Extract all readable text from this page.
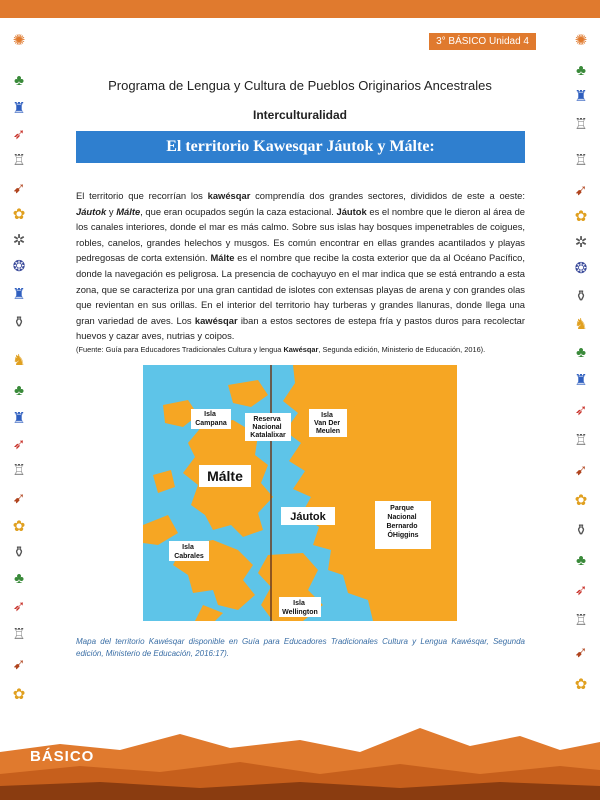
3° BÁSICO Unidad 4
✺
♣
♜
➶
♖
➹
✿
✲
❂
♜
⚱
♞
♣
♜
➶
♖
➹
✿
⚱
♣
➶
♖
➹
✿
✺
♣
♜
♖
♖
➹
✿
✲
❂
⚱
♞
♣
♜
➶
♖
➹
✿
⚱
♣
➶
♖
➹
✿
Programa de Lengua y Cultura de Pueblos Originarios Ancestrales
Interculturalidad
El territorio Kawesqar Jáutok y Málte:
El territorio que recorrían los kawésqar comprendía dos grandes sectores, divididos de este a oeste: Jáutok y Málte, que eran ocupados según la caza estacional. Jáutok es el nombre que le dieron al área de los canales interiores, donde el mar es más calmo. Sobre sus islas hay bosques impenetrables de coigues, robles, canelos, grandes helechos y musgos. Es común encontrar en ellas grandes acantilados y playas pedregosas de corta extensión. Málte es el nombre que recibe la costa exterior que da al Océano Pacífico, donde la navegación es peligrosa. La presencia de cochayuyo en el mar indica que se está entrando a esta zona, que se caracteriza por una gran cantidad de islotes con extensas playas de arena y con grandes olas que revientan en sus orillas. En el interior del territorio hay turberas y grandes llanuras, donde llega una gran variedad de aves. Los kawésqar iban a estos sectores de estepa fría y pastos duros para recolectar huevos y cazar aves, nutrias y coipos.
(Fuente: Guía para Educadores Tradicionales Cultura y lengua Kawésqar, Segunda edición, Ministerio de Educación, 2016).
Isla Campana
Reserva Nacional Katalalixar
Isla Van Der Meulen
Málte
Jáutok
Parque Nacional Bernardo ÓHiggins
Isla Cabrales
Isla Wellington
Mapa del territorio Kawésqar disponible en Guía para Educadores Tradicionales Cultura y Lengua Kawésqar, Segunda edición, Ministerio de Educación, 2016:17).
BÁSICO
